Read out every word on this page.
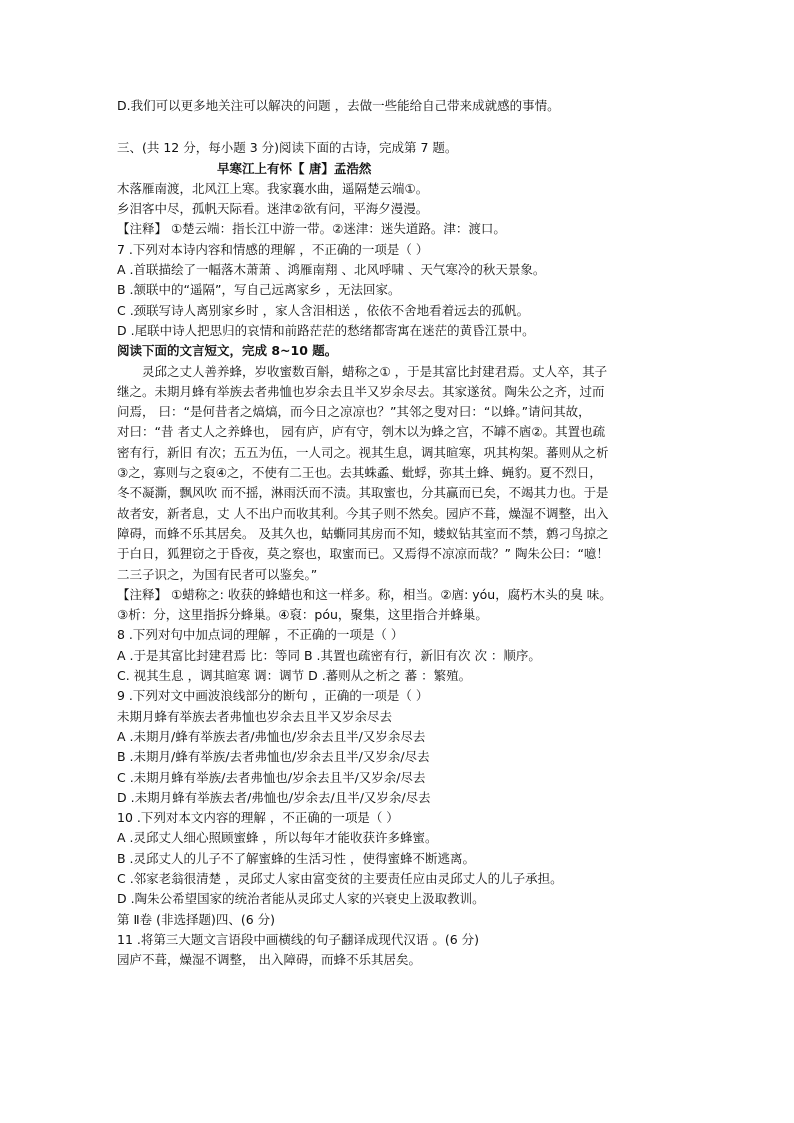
D.我们可以更多地关注可以解决的问题 ，去做一些能给自己带来成就感的事情。
三、(共 12 分，每小题 3 分)阅读下面的古诗，完成第 7 题。
早寒江上有怀【 唐】孟浩然
木落雁南渡，北风江上寒。我家襄水曲，遥隔楚云端①。
乡泪客中尽，孤帆天际看。迷津②欲有问，平海夕漫漫。
【注释】 ①楚云端：指长江中游一带。②迷津：迷失道路。津：渡口。
7 .下列对本诗内容和情感的理解 ，不正确的一项是（ ）
A .首联描绘了一幅落木萧萧 、鸿雁南翔 、北风呼啸 、天气寒冷的秋天景象。
B .颔联中的“遥隔”，写自己远离家乡 ，无法回家。
C .颈联写诗人离别家乡时 ，家人含泪相送 ，依依不舍地看着远去的孤帆。
D .尾联中诗人把思归的哀情和前路茫茫的愁绪都寄寓在迷茫的黄昏江景中。
阅读下面的文言短文，完成 8~10 题。
灵邱之丈人善养蜂，岁收蜜数百斛，蜡称之① ，于是其富比封建君焉。丈人卒，其子
继之。未期月蜂有举族去者弗恤也岁余去且半又岁余尽去。其家遂贫。陶朱公之齐，过而
问焉， 曰：“是何昔者之熇熇，而今日之凉凉也？”其邻之叟对曰：“以蜂。”请问其故，
对曰：“昔 者丈人之养蜂也， 园有庐，庐有守，刳木以为蜂之宫，不罅不庮②。其置也疏
密有行，新旧 有次；五五为伍，一人司之。视其生息，调其暄寒，巩其构架。蕃则从之析
③之，寡则与之裒④之，不使有二王也。去其蛛蟊、蚍蜉，弥其土蜂、蝇豹。夏不烈日，
冬不凝澌，飘风吹 而不摇，淋雨沃而不渍。其取蜜也，分其赢而已矣，不竭其力也。于是
故者安，新者息，丈 人不出户而收其利。今其子则不然矣。园庐不葺，燥湿不调整，出入
障碍，而蜂不乐其居矣。 及其久也，蛄蟖同其房而不知，蝼蚁钻其室而不禁，鹩刁鸟掠之
于白日，狐狸窃之于昏夜，莫之察也，取蜜而已。又焉得不凉凉而哉？” 陶朱公曰：“噫！
二三子识之，为国有民者可以鉴矣。”
【注释】 ①蜡称之: 收获的蜂蜡也和这一样多。称，相当。②庮: yóu，腐朽木头的臭 味。
③析：分，这里指拆分蜂巢。④裒：póu，聚集，这里指合并蜂巢。
8 .下列对句中加点词的理解 ，不正确的一项是（ ）
A .于是其富比封建君焉 比：等同 B .其置也疏密有行，新旧有次 次 ：顺序。
C. 视其生息 ，调其暄寒 调：调节 D .蕃则从之析之 蕃 ：繁殖。
9 .下列对文中画波浪线部分的断句 ，正确的一项是（ ）
未期月蜂有举族去者弗恤也岁余去且半又岁余尽去
A .未期月/蜂有举族去者/弗恤也/岁余去且半/又岁余尽去
B .未期月/蜂有举族/去者弗恤也/岁余去且半/又岁余/尽去
C .未期月蜂有举族/去者弗恤也/岁余去且半/又岁余/尽去
D .未期月蜂有举族去者/弗恤也/岁余去/且半/又岁余/尽去
10 .下列对本文内容的理解 ，不正确的一项是（ ）
A .灵邱丈人细心照顾蜜蜂 ，所以每年才能收获许多蜂蜜。
B .灵邱丈人的儿子不了解蜜蜂的生活习性 ，使得蜜蜂不断逃离。
C .邻家老翁很清楚 ，灵邱丈人家由富变贫的主要责任应由灵邱丈人的儿子承担。
D .陶朱公希望国家的统治者能从灵邱丈人家的兴衰史上汲取教训。
第 Ⅱ卷 (非选择题)四、(6 分)
11 .将第三大题文言语段中画横线的句子翻译成现代汉语 。(6 分)
园庐不葺，燥湿不调整， 出入障碍，而蜂不乐其居矣。
